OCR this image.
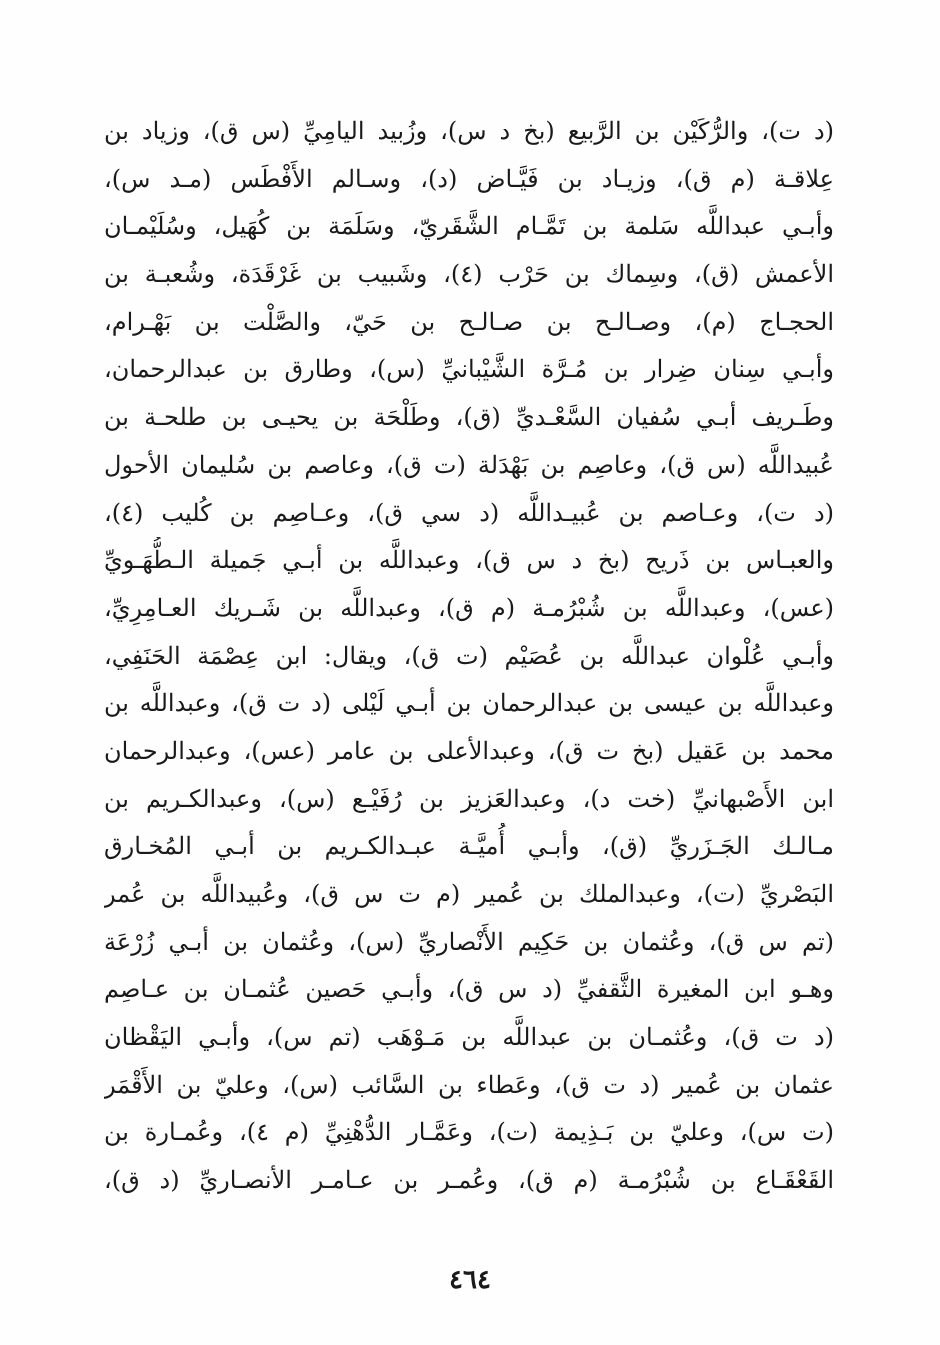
(د ت)، والرُّكَيْن بن الرَّبيع (بخ د س)، وزُبيد اليامِيِّ (س ق)، وزياد بن
عِلاقـة (م ق)، وزيـاد بن فَيَّـاض (د)، وسـالم الأَفْطَس (مـد س)،
وأبـي عبداللَّه سَلمة بن تَمَّـام الشَّقَريّ، وسَلَمَة بن كُهَيل، وسُلَيْمـان
الأعمش (ق)، وسِماك بن حَرْب (٤)، وشَبيب بن غَرْقَدَة، وشُعبـة بن
الحجـاج (م)، وصـالـح بن صـالـح بن حَيّ، والصَّلْت بن بَهْـرام،
وأبـي سِنان ضِرار بن مُـرَّة الشَّيْبانيِّ (س)، وطارق بن عبدالرحمان،
وطَـريف أبـي سُفيان السَّعْـديِّ (ق)، وطَلْحَة بن يحيـى بن طلحـة بن
عُبيداللَّه (س ق)، وعاصِم بن بَهْدَلة (ت ق)، وعاصم بن سُليمان الأحول
(د ت)، وعـاصم بن عُبيـداللَّه (د سي ق)، وعـاصِم بن كُليب (٤)،
والعبـاس بن ذَريح (بخ د س ق)، وعبداللَّه بن أبـي جَميلة الـطُّهَـويِّ
(عس)، وعبداللَّه بن شُبْرُمـة (م ق)، وعبداللَّه بن شَـريك العـامِرِيِّ،
وأبـي عُلْوان عبداللَّه بن عُصَيْم (ت ق)، ويقال: ابن عِصْمَة الحَنَفِي،
وعبداللَّه بن عيسى بن عبدالرحمان بن أبـي لَيْلى (د ت ق)، وعبداللَّه بن
محمد بن عَقيل (بخ ت ق)، وعبدالأعلى بن عامر (عس)، وعبدالرحمان
ابن الأَصْبهانيِّ (خت د)، وعبدالعَزيز بن رُفَيْـع (س)، وعبدالكـريم بن
مـالـك الجَـزَريِّ (ق)، وأبـي أُميَّـة عبـدالكـريم بن أبـي المُخـارق
البَصْريِّ (ت)، وعبدالملك بن عُمير (م ت س ق)، وعُبيداللَّه بن عُمر
(تم س ق)، وعُثمان بن حَكِيم الأَنْصاريِّ (س)، وعُثمان بن أبـي زُرْعَة
وهـو ابن المغيرة الثَّقفيِّ (د س ق)، وأبـي حَصين عُثمـان بن عـاصِم
(د ت ق)، وعُثمـان بن عبداللَّه بن مَـوْهَب (تم س)، وأبـي اليَقْظان
عثمان بن عُمير (د ت ق)، وعَطاء بن السَّائب (س)، وعليّ بن الأَقْمَر
(ت س)، وعليّ بن بَـذِيمة (ت)، وعَمَّـار الدُّهْنِيِّ (م ٤)، وعُمـارة بن
القَعْقَـاع بن شُبْرُمـة (م ق)، وعُمـر بن عـامـر الأنصـاريِّ (د ق)،
٤٦٤
